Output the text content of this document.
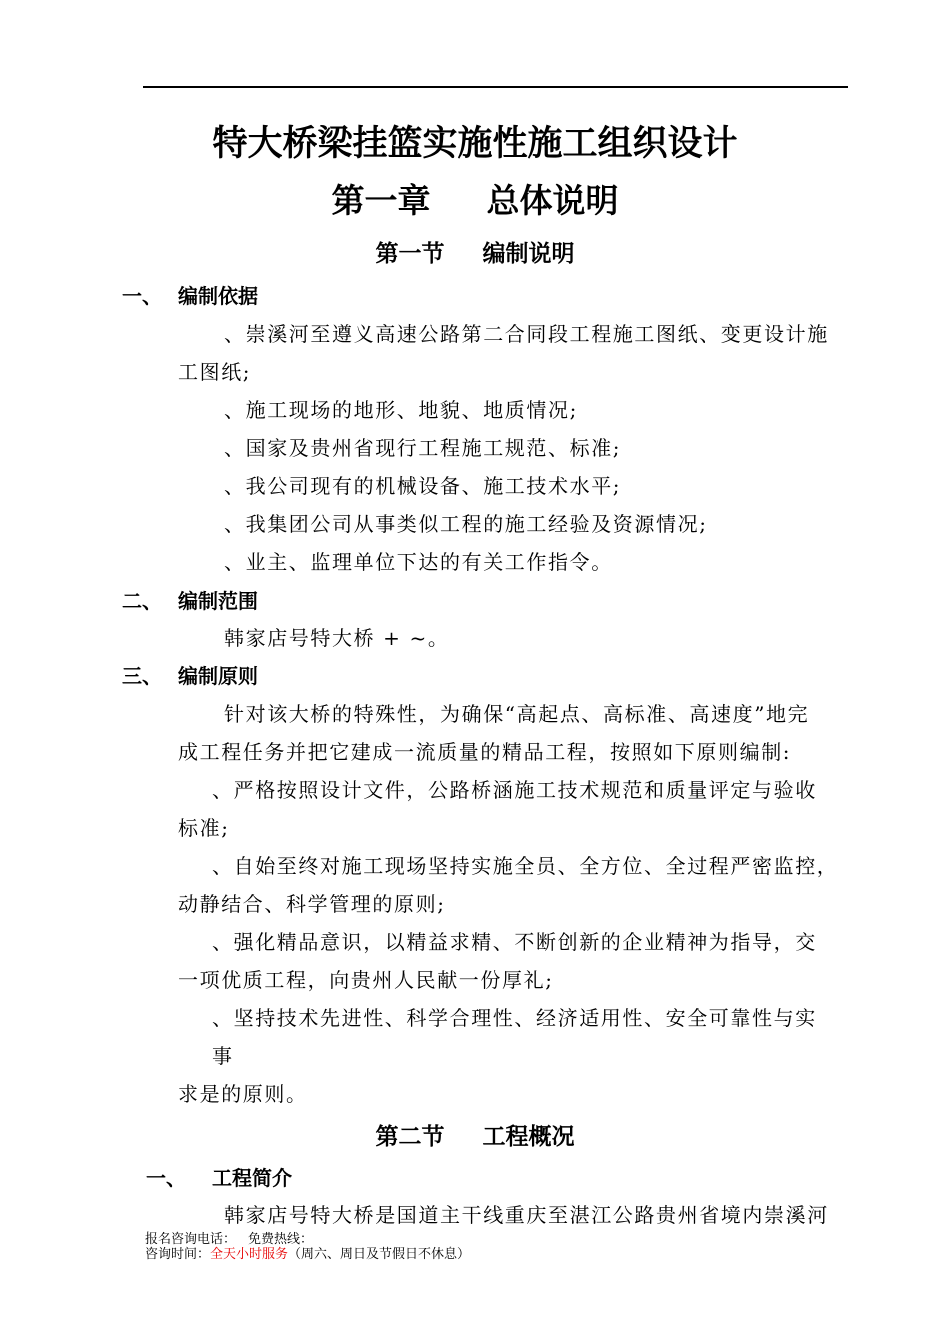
特大桥梁挂篮实施性施工组织设计
第一章 总体说明
第一节 编制说明
一、 编制依据
、崇溪河至遵义高速公路第二合同段工程施工图纸、变更设计施
工图纸;
、施工现场的地形、地貌、地质情况;
、国家及贵州省现行工程施工规范、标准;
、我公司现有的机械设备、施工技术水平;
、我集团公司从事类似工程的施工经验及资源情况;
、业主、监理单位下达的有关工作指令。
二、 编制范围
韩家店号特大桥 + ~。
三、 编制原则
针对该大桥的特殊性，为确保“高起点、高标准、高速度”地完
成工程任务并把它建成一流质量的精品工程，按照如下原则编制:
、严格按照设计文件，公路桥涵施工技术规范和质量评定与验收
标准;
、自始至终对施工现场坚持实施全员、全方位、全过程严密监控，
动静结合、科学管理的原则;
、强化精品意识，以精益求精、不断创新的企业精神为指导，交
一项优质工程，向贵州人民献一份厚礼;
、坚持技术先进性、科学合理性、经济适用性、安全可靠性与实
事
求是的原则。
第二节 工程概况
一、 工程简介
韩家店号特大桥是国道主干线重庆至湛江公路贵州省境内崇溪河
报名咨询电话： 免费热线：
咨询时间：全天小时服务（周六、周日及节假日不休息）
